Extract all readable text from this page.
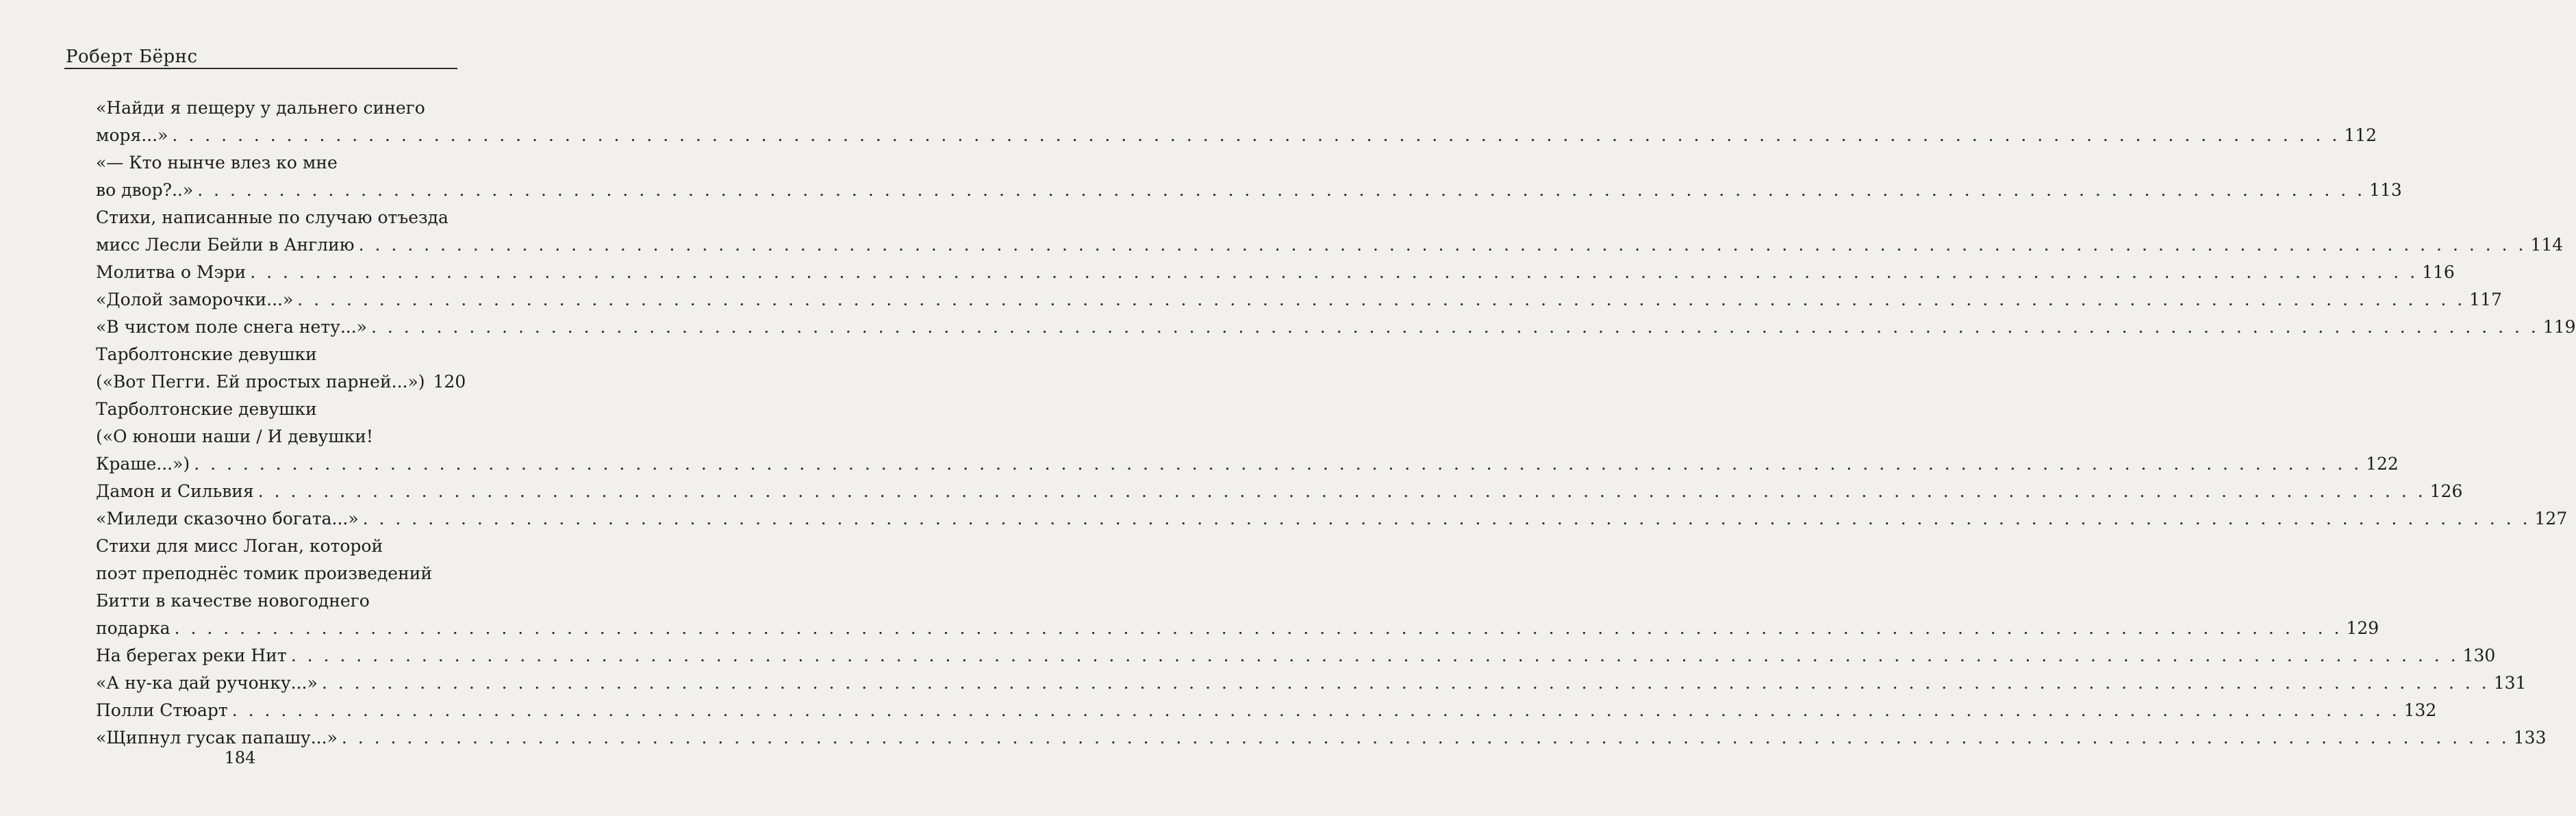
Роберт Бёрнс
«Найди я пещеру у дальнего синего
моря...» . . .	112
«— Кто нынче влез ко мне
во двор?..» . . .	113
Стихи, написанные по случаю отъезда
мисс Лесли Бейли в Англию . . .	114
Молитва о Мэри . . .	116
«Долой заморочки...» . . .	117
«В чистом поле снега нету...» . . .	119
Тарболтонские девушки
(«Вот Пегги. Ей простых парней...») 120
Тарболтонские девушки
(«О юноши наши / И девушки!
Краше...») . . .	122
Дамон и Сильвия . . .	126
«Миледи сказочно богата...» . . .	127
Стихи для мисс Логан, которой
поэт преподнёс томик произведений
Битти в качестве новогоднего
подарка . . .	129
На берегах реки Нит . . .	130
«А ну-ка дай ручонку...» . . .	131
Полли Стюарт . . .	132
«Щипнул гусак папашу...» . . .	133
184
